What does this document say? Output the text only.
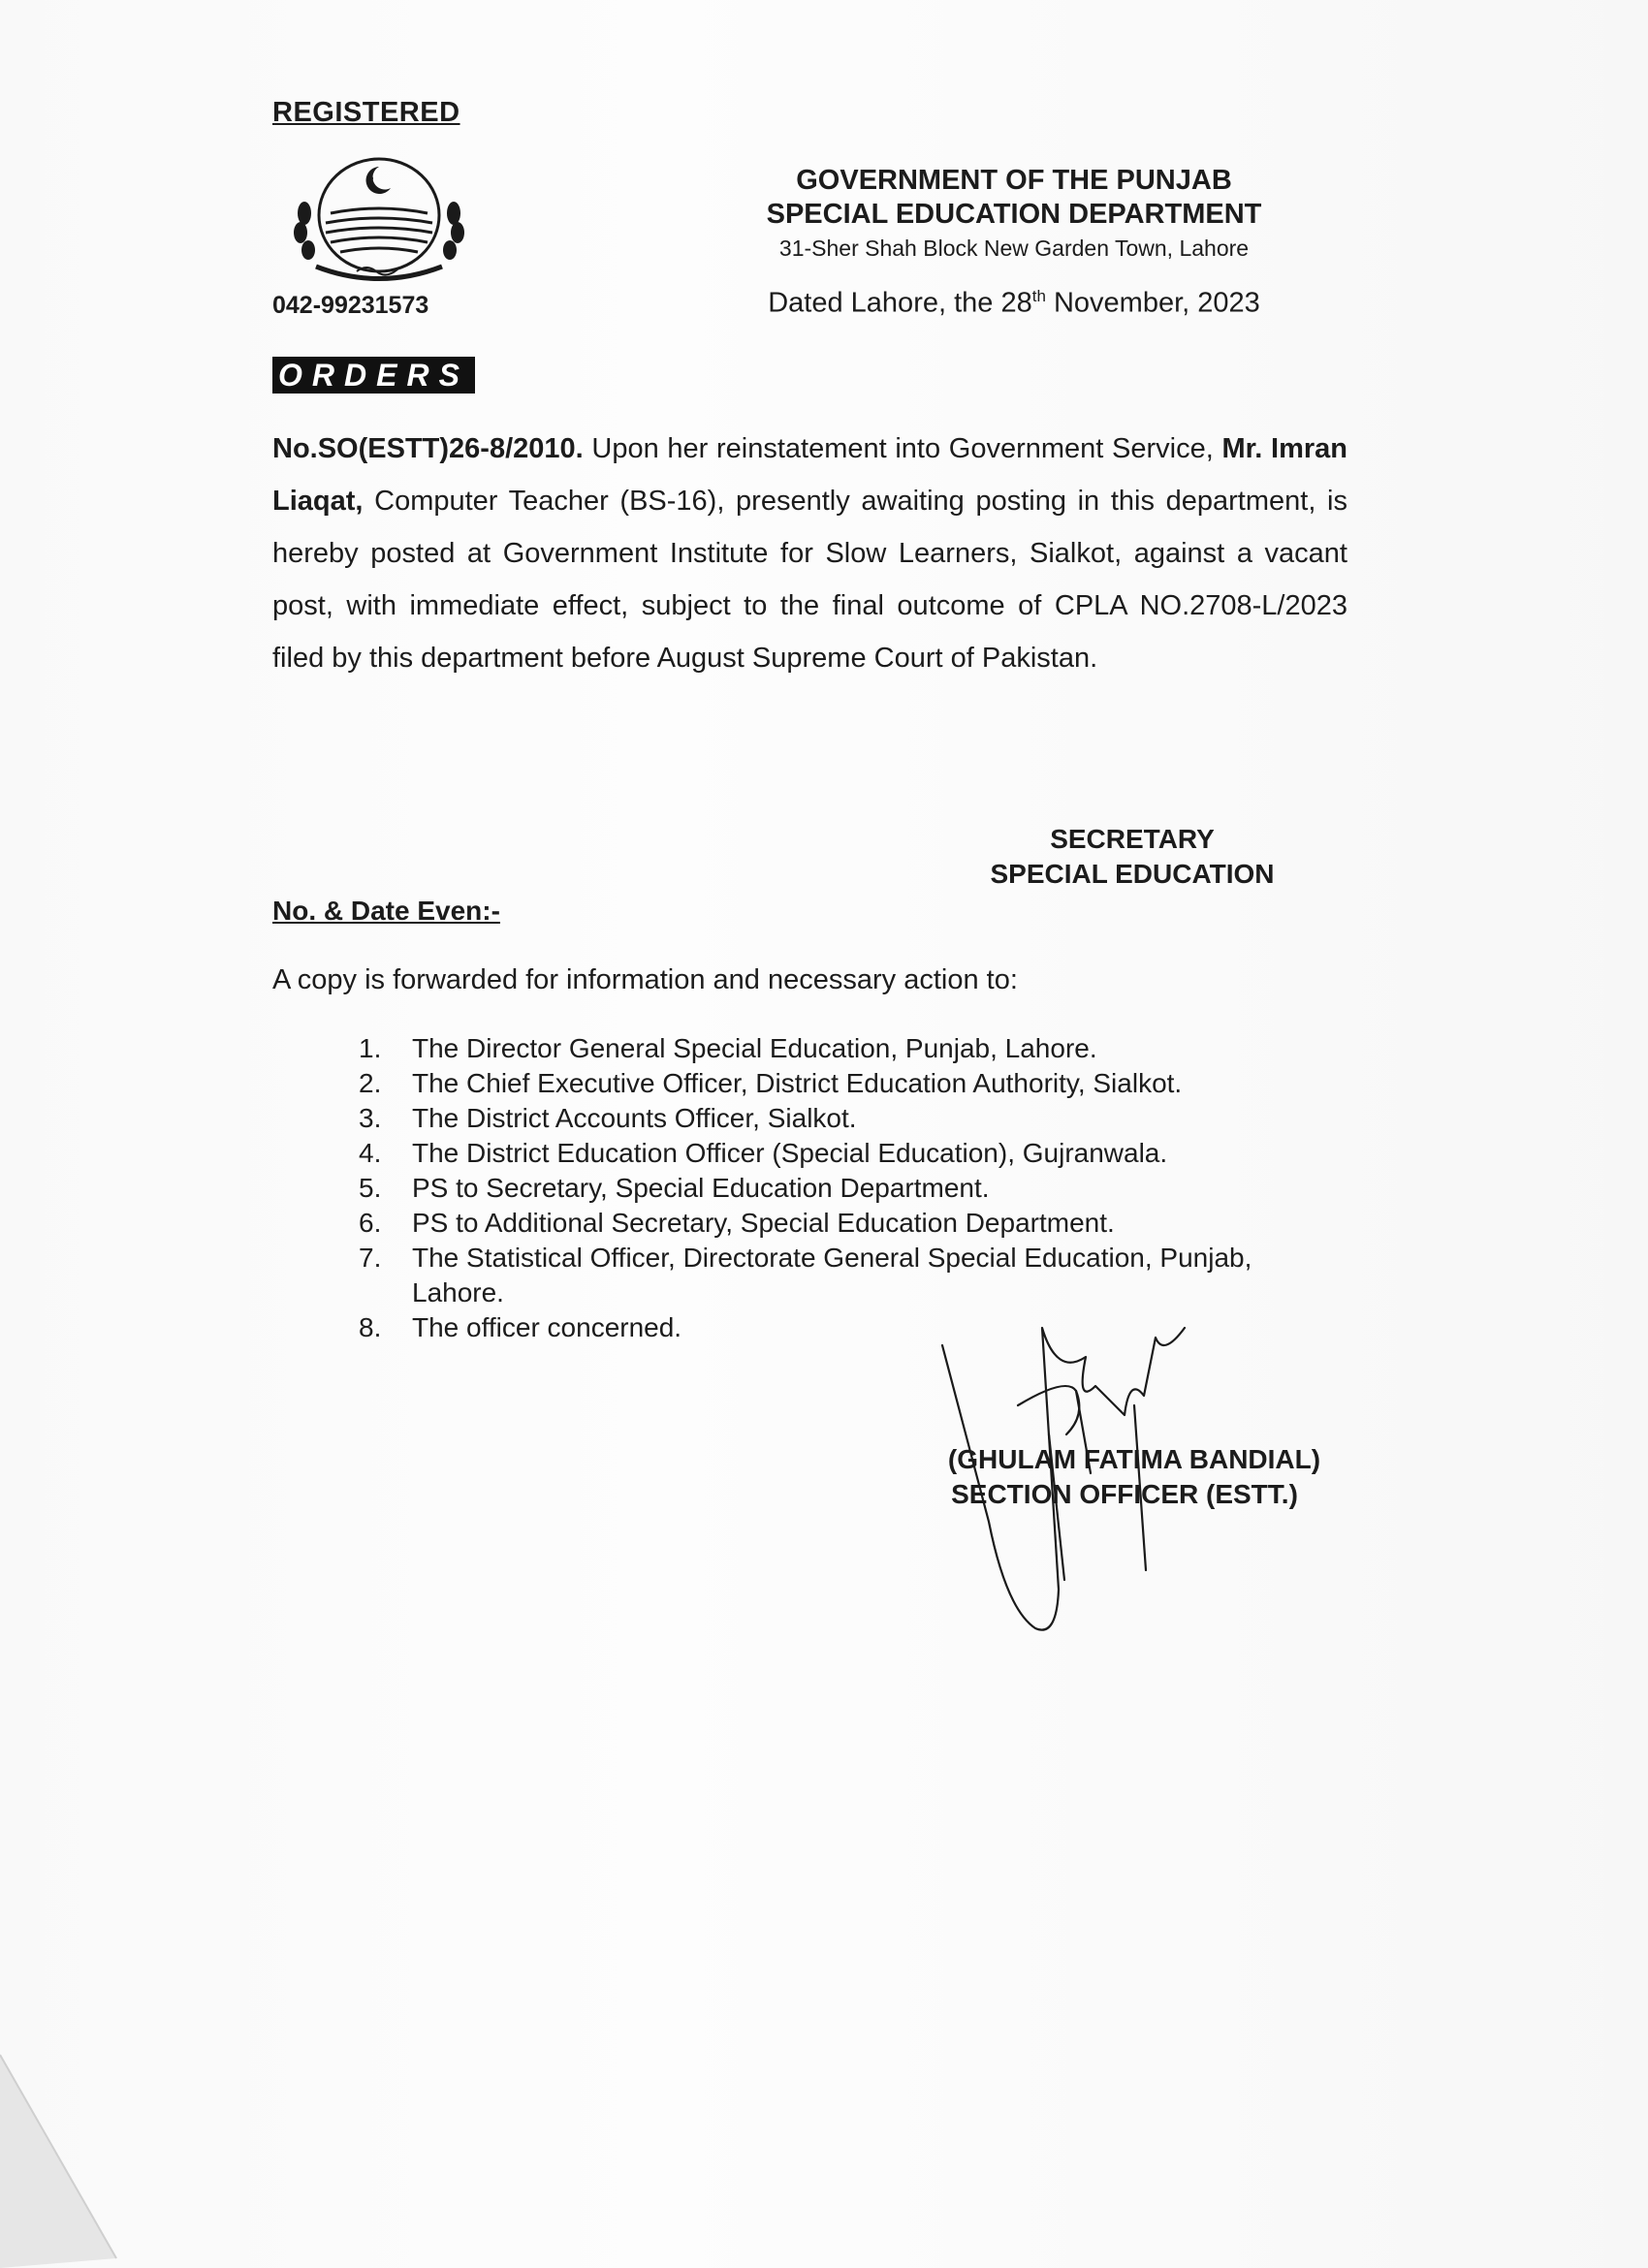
REGISTERED
042-99231573
GOVERNMENT OF THE PUNJAB
SPECIAL EDUCATION DEPARTMENT
31-Sher Shah Block New Garden Town, Lahore
Dated Lahore, the 28th November, 2023
ORDERS
No.SO(ESTT)26-8/2010. Upon her reinstatement into Government Service, Mr. Imran Liaqat, Computer Teacher (BS-16), presently awaiting posting in this department, is hereby posted at Government Institute for Slow Learners, Sialkot, against a vacant post, with immediate effect, subject to the final outcome of CPLA NO.2708-L/2023 filed by this department before August Supreme Court of Pakistan.
SECRETARY
SPECIAL EDUCATION
No. & Date Even:-
A copy is forwarded for information and necessary action to:
1.	The Director General Special Education, Punjab, Lahore.
2.	The Chief Executive Officer, District Education Authority, Sialkot.
3.	The District Accounts Officer, Sialkot.
4.	The District Education Officer (Special Education), Gujranwala.
5.	PS to Secretary, Special Education Department.
6.	PS to Additional Secretary, Special Education Department.
7.	The Statistical Officer, Directorate General Special Education, Punjab, Lahore.
8.	The officer concerned.
(GHULAM FATIMA BANDIAL)
SECTION OFFICER (ESTT.)
